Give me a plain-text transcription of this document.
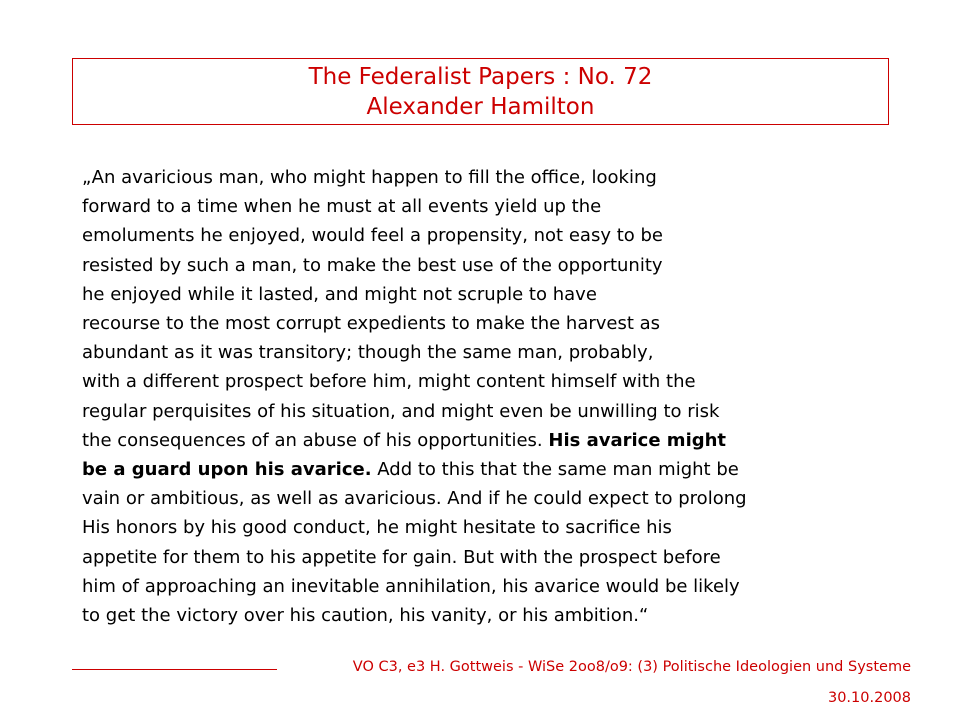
The Federalist Papers : No. 72
Alexander Hamilton
„An avaricious man, who might happen to fill the office, looking
forward to a time when he must at all events yield up the
emoluments he enjoyed, would feel a propensity, not easy to be
resisted by such a man, to make the best use of the opportunity
he enjoyed while it lasted, and might not scruple to have
recourse to the most corrupt expedients to make the harvest as
abundant as it was transitory; though the same man, probably,
with a different prospect before him, might content himself with the
regular perquisites of his situation, and might even be unwilling to risk
the consequences of an abuse of his opportunities. His avarice might
be a guard upon his avarice. Add to this that the same man might be
vain or ambitious, as well as avaricious. And if he could expect to prolong
His honors by his good conduct, he might hesitate to sacrifice his
appetite for them to his appetite for gain. But with the prospect before
him of approaching an inevitable annihilation, his avarice would be likely
to get the victory over his caution, his vanity, or his ambition.“
VO C3, e3 H. Gottweis - WiSe 2oo8/o9: (3) Politische Ideologien und Systeme
30.10.2008
